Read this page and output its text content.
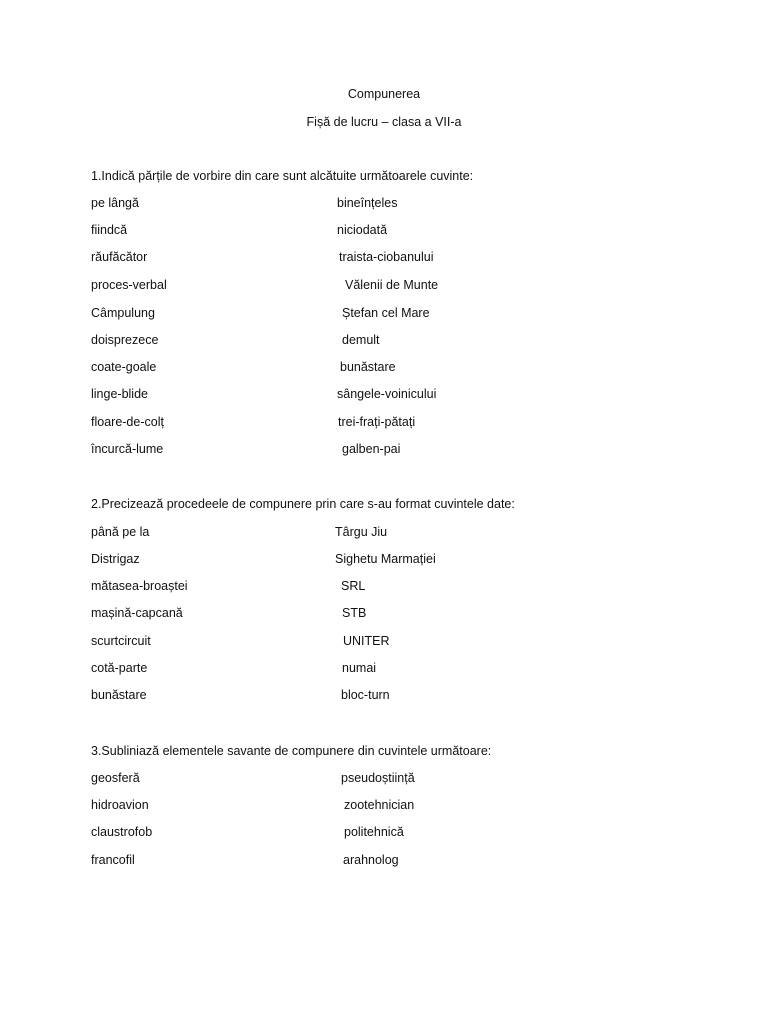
Compunerea
Fișă de lucru – clasa a VII-a
1.Indică părțile de vorbire din care sunt alcătuite următoarele cuvinte:
pe lângă	bineînțeles
fiindcă	niciodată
răufăcător	traista-ciobanului
proces-verbal	Vălenii de Munte
Câmpulung	Ștefan cel Mare
doisprezece	demult
coate-goale	bunăstare
linge-blide	sângele-voinicului
floare-de-colț	trei-frați-pătați
încurcă-lume	galben-pai
2.Precizează procedeele de compunere prin care s-au format cuvintele date:
până pe la	Târgu Jiu
Distrigaz	Sighetu Marmației
mătasea-broaștei	SRL
mașină-capcană	STB
scurtcircuit	UNITER
cotă-parte	numai
bunăstare	bloc-turn
3.Subliniază elementele savante de compunere din cuvintele următoare:
geosferă	pseudoștiință
hidroavion	zootehnician
claustrofob	politehnică
francofil	arahnolog
